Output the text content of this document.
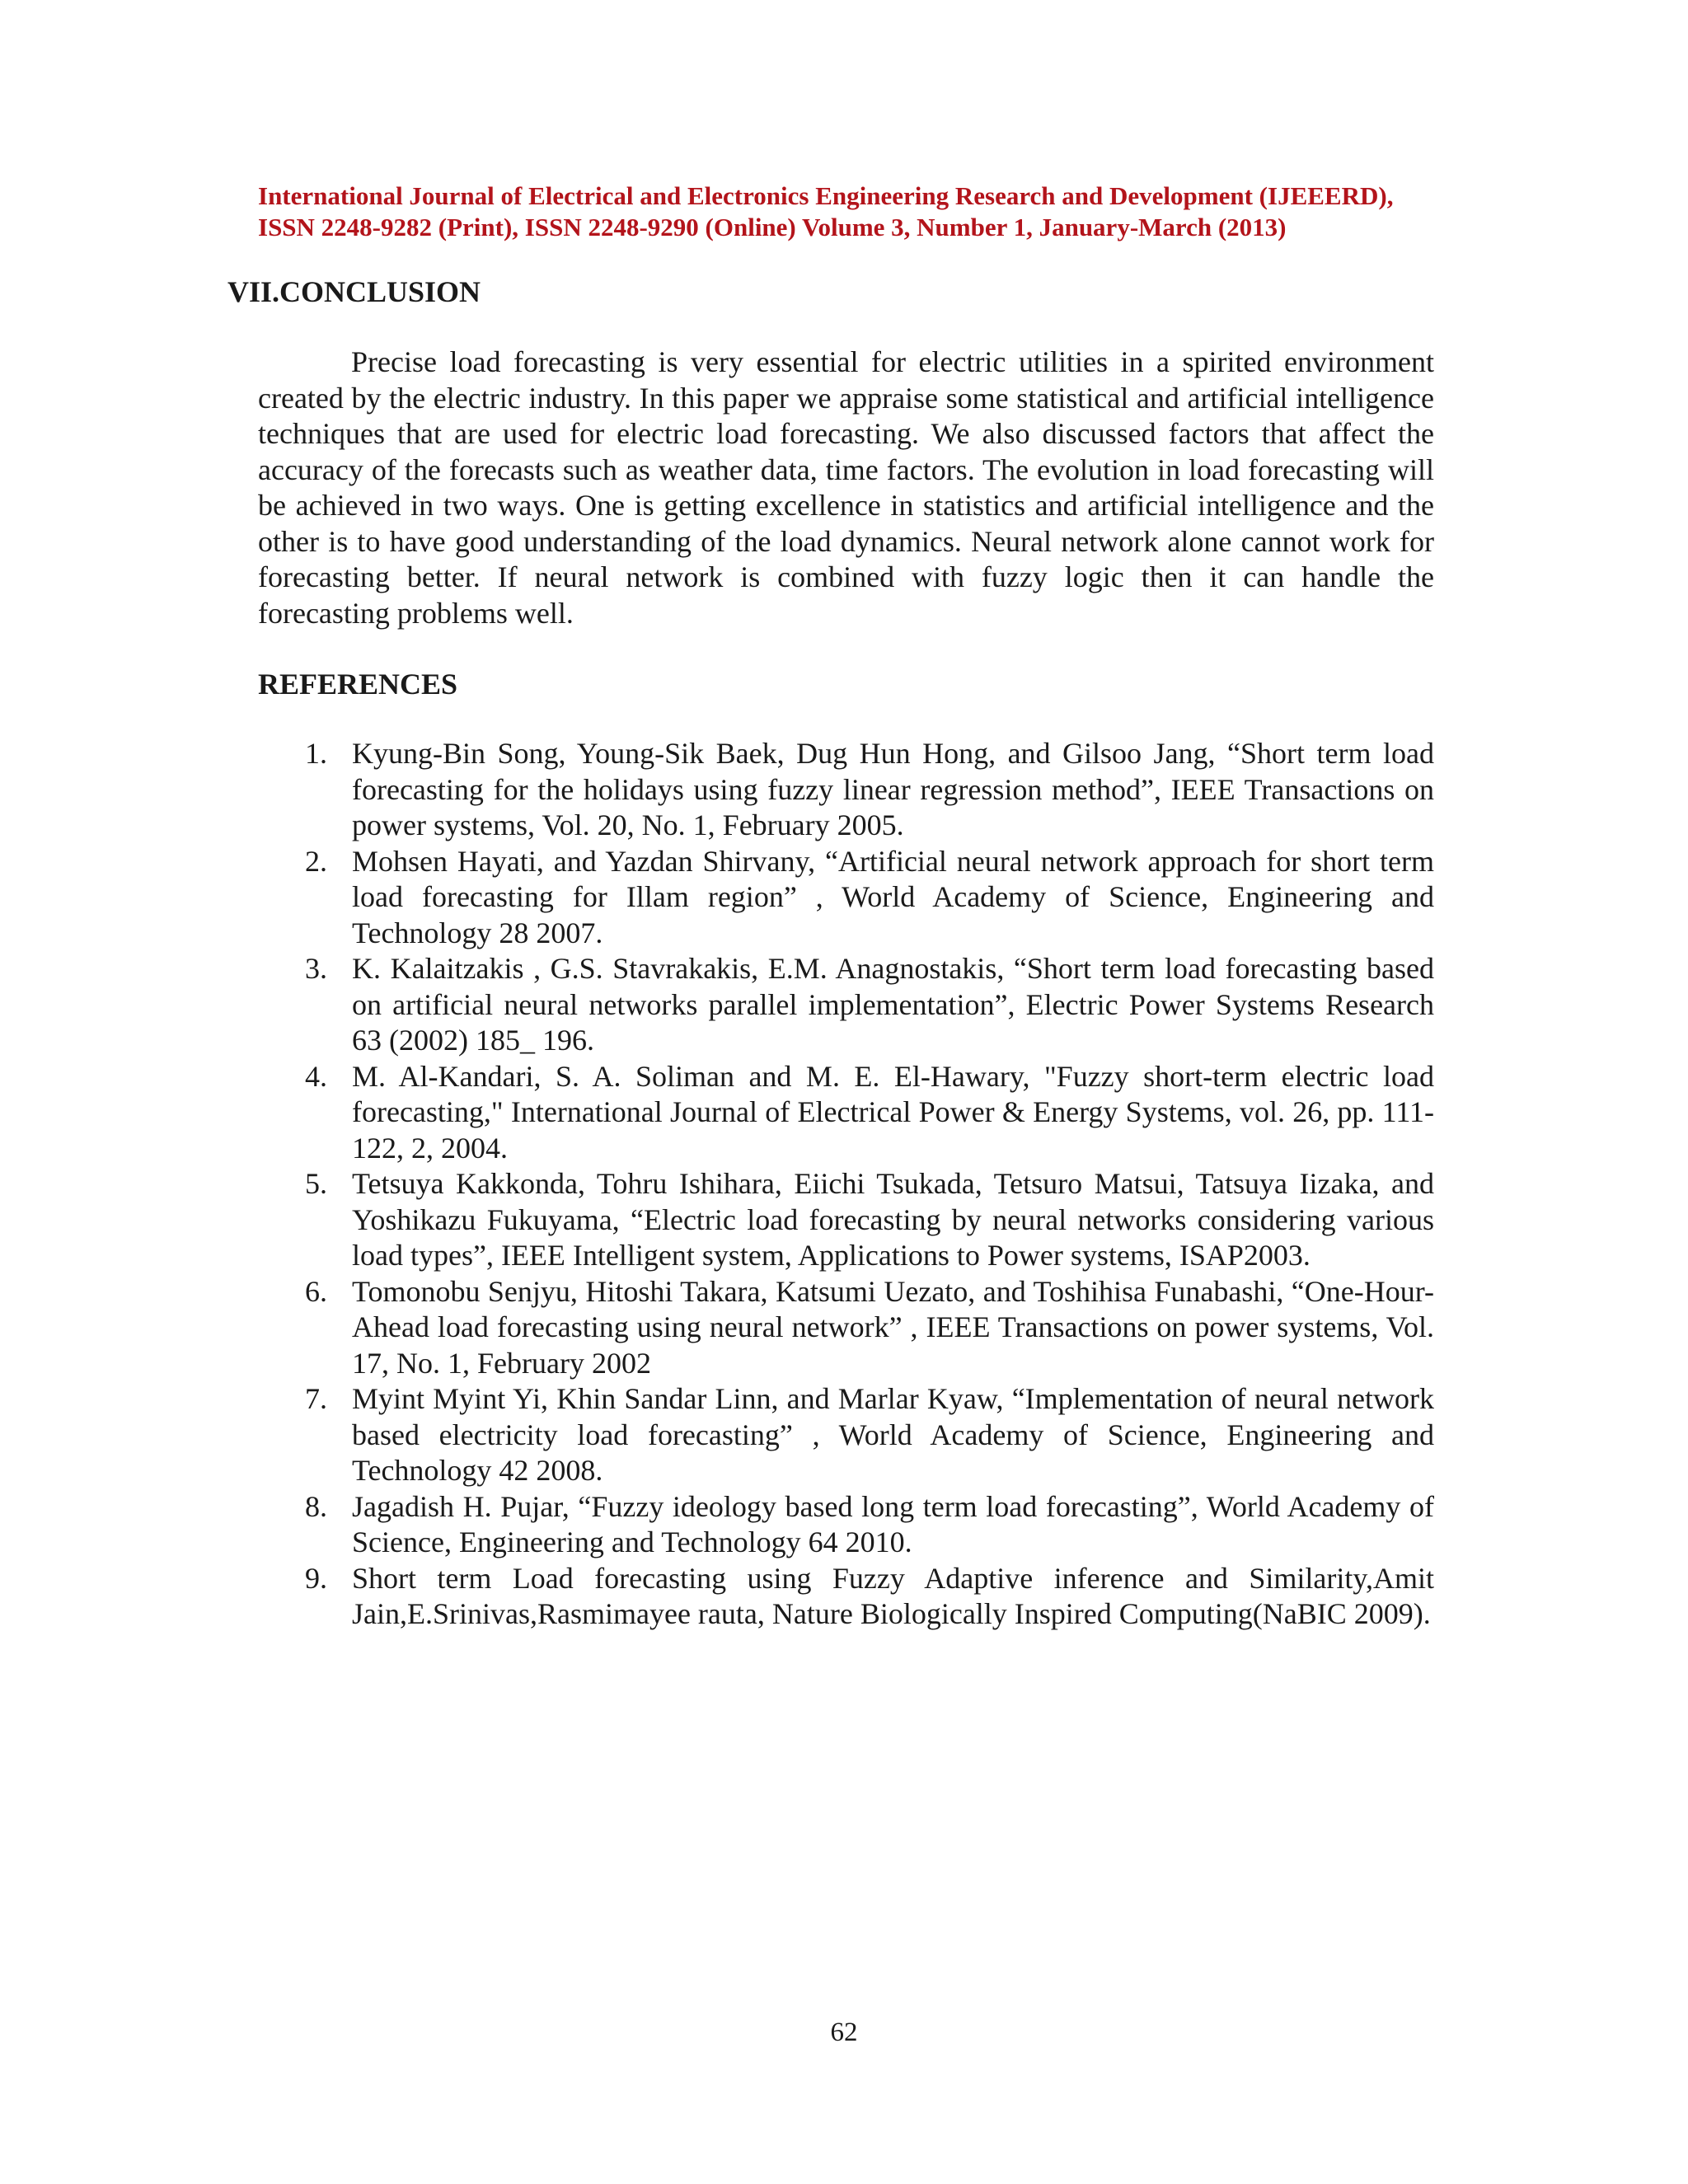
International Journal of Electrical and Electronics Engineering Research and Development (IJEEERD),
ISSN 2248-9282 (Print), ISSN 2248-9290 (Online) Volume 3, Number 1, January-March (2013)
VII.CONCLUSION

Precise load forecasting is very essential for electric utilities in a spirited environment created by the electric industry. In this paper we appraise some statistical and artificial intelligence techniques that are used for electric load forecasting. We also discussed factors that affect the accuracy of the forecasts such as weather data, time factors. The evolution in load forecasting will be achieved in two ways. One is getting excellence in statistics and artificial intelligence and the other is to have good understanding of the load dynamics. Neural network alone cannot work for forecasting better. If neural network is combined with fuzzy logic then it can handle the forecasting problems well.

REFERENCES
1. Kyung-Bin Song, Young-Sik Baek, Dug Hun Hong, and Gilsoo Jang, “Short term load forecasting for the holidays using fuzzy linear regression method”, IEEE Transactions on power systems, Vol. 20, No. 1, February 2005.
2. Mohsen Hayati, and Yazdan Shirvany, “Artificial neural network approach for short term load forecasting for Illam region” , World Academy of Science, Engineering and Technology 28 2007.
3. K. Kalaitzakis , G.S. Stavrakakis, E.M. Anagnostakis, “Short term load forecasting based on artificial neural networks parallel implementation”, Electric Power Systems Research 63 (2002) 185_ 196.
4. M. Al-Kandari, S. A. Soliman and M. E. El-Hawary, "Fuzzy short-term electric load forecasting," International Journal of Electrical Power & Energy Systems, vol. 26, pp. 111-122, 2, 2004.
5. Tetsuya Kakkonda, Tohru Ishihara, Eiichi Tsukada, Tetsuro Matsui, Tatsuya Iizaka, and Yoshikazu Fukuyama, “Electric load forecasting by neural networks considering various load types”, IEEE Intelligent system, Applications to Power systems, ISAP2003.
6. Tomonobu Senjyu, Hitoshi Takara, Katsumi Uezato, and Toshihisa Funabashi, “One-Hour-Ahead load forecasting using neural network” , IEEE Transactions on power systems, Vol. 17, No. 1, February 2002
7. Myint Myint Yi, Khin Sandar Linn, and Marlar Kyaw, “Implementation of neural network based electricity load forecasting” , World Academy of Science, Engineering and Technology 42 2008.
8. Jagadish H. Pujar, “Fuzzy ideology based long term load forecasting”, World Academy of Science, Engineering and Technology 64 2010.
9. Short term Load forecasting using Fuzzy Adaptive inference and Similarity,Amit Jain,E.Srinivas,Rasmimayee rauta, Nature Biologically Inspired Computing(NaBIC 2009).
62
